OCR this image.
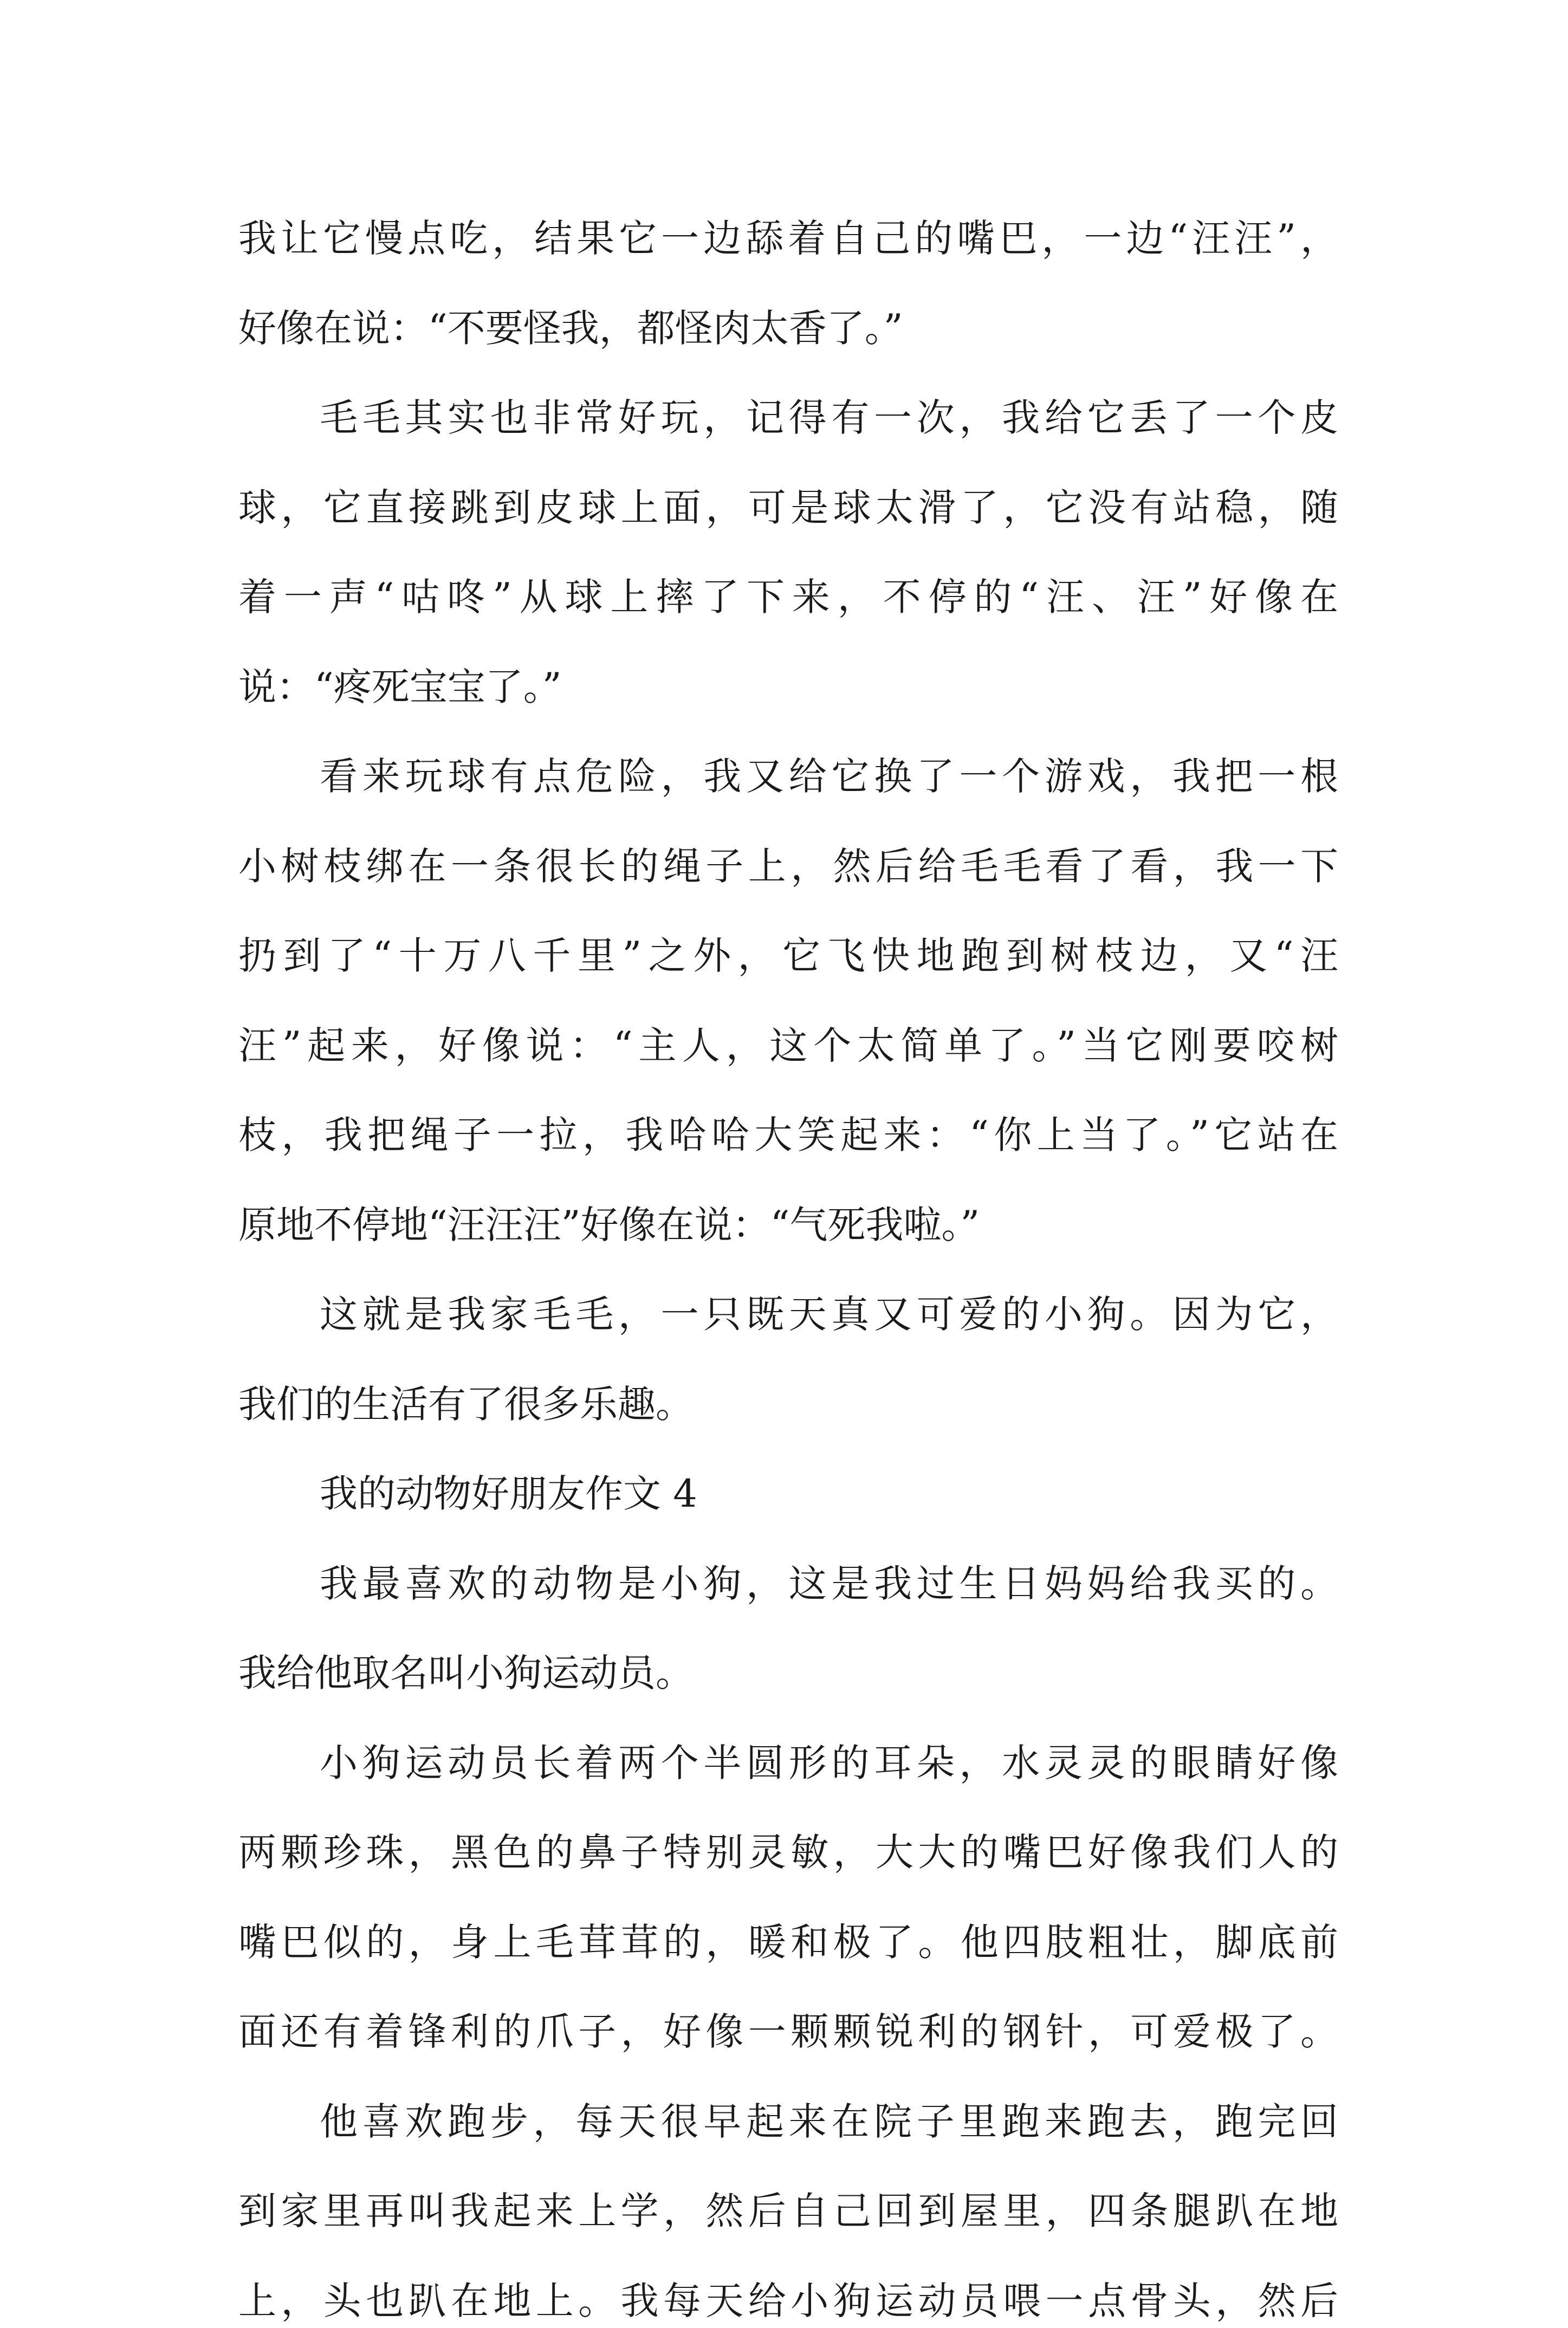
我让它慢点吃，结果它一边舔着自己的嘴巴，一边“汪汪”，
好像在说：“不要怪我，都怪肉太香了。”
毛毛其实也非常好玩，记得有一次，我给它丢了一个皮
球，它直接跳到皮球上面，可是球太滑了，它没有站稳，随
着一声“咕咚”从球上摔了下来，不停的“汪、汪”好像在
说：“疼死宝宝了。”
看来玩球有点危险，我又给它换了一个游戏，我把一根
小树枝绑在一条很长的绳子上，然后给毛毛看了看，我一下
扔到了“十万八千里”之外，它飞快地跑到树枝边，又“汪
汪”起来，好像说：“主人，这个太简单了。”当它刚要咬树
枝，我把绳子一拉，我哈哈大笑起来：“你上当了。”它站在
原地不停地“汪汪汪”好像在说：“气死我啦。”
这就是我家毛毛，一只既天真又可爱的小狗。因为它，
我们的生活有了很多乐趣。
我的动物好朋友作文 4
我最喜欢的动物是小狗，这是我过生日妈妈给我买的。
我给他取名叫小狗运动员。
小狗运动员长着两个半圆形的耳朵，水灵灵的眼睛好像
两颗珍珠，黑色的鼻子特别灵敏，大大的嘴巴好像我们人的
嘴巴似的，身上毛茸茸的，暖和极了。他四肢粗壮，脚底前
面还有着锋利的爪子，好像一颗颗锐利的钢针，可爱极了。
他喜欢跑步，每天很早起来在院子里跑来跑去，跑完回
到家里再叫我起来上学，然后自己回到屋里，四条腿趴在地
上，头也趴在地上。我每天给小狗运动员喂一点骨头，然后
